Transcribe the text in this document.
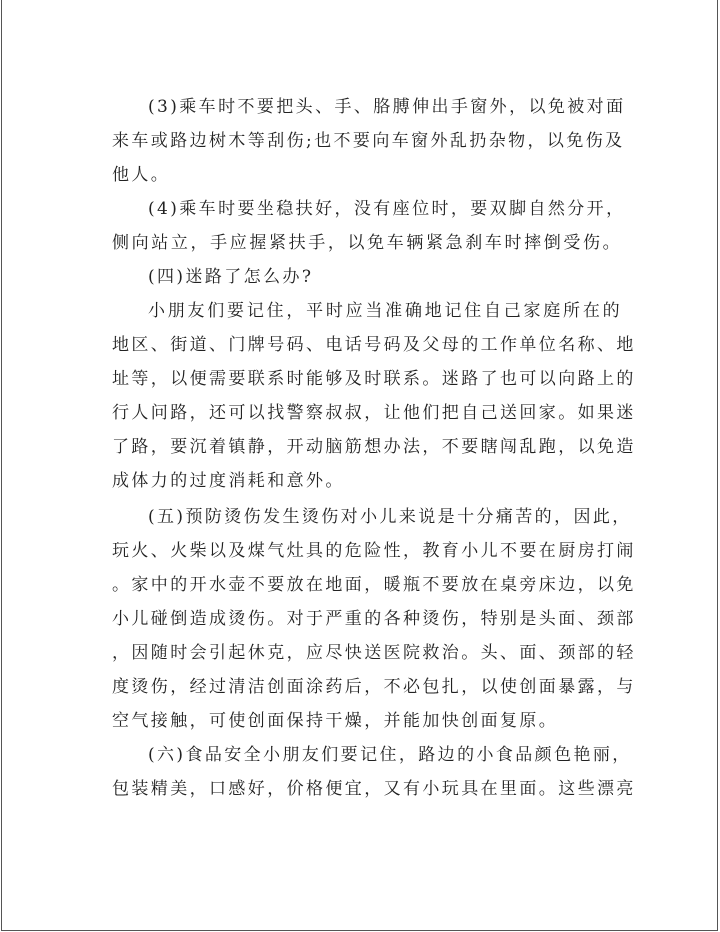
(3)乘车时不要把头、手、胳膊伸出手窗外，以免被对面
来车或路边树木等刮伤;也不要向车窗外乱扔杂物，以免伤及
他人。
(4)乘车时要坐稳扶好，没有座位时，要双脚自然分开，
侧向站立，手应握紧扶手，以免车辆紧急刹车时摔倒受伤。
(四)迷路了怎么办?
小朋友们要记住，平时应当准确地记住自己家庭所在的
地区、街道、门牌号码、电话号码及父母的工作单位名称、地
址等，以便需要联系时能够及时联系。迷路了也可以向路上的
行人问路，还可以找警察叔叔，让他们把自己送回家。如果迷
了路，要沉着镇静，开动脑筋想办法，不要瞎闯乱跑，以免造
成体力的过度消耗和意外。
(五)预防烫伤发生烫伤对小儿来说是十分痛苦的，因此，
玩火、火柴以及煤气灶具的危险性，教育小儿不要在厨房打闹
。家中的开水壶不要放在地面，暖瓶不要放在桌旁床边，以免
小儿碰倒造成烫伤。对于严重的各种烫伤，特别是头面、颈部
，因随时会引起休克，应尽快送医院救治。头、面、颈部的轻
度烫伤，经过清洁创面涂药后，不必包扎，以使创面暴露，与
空气接触，可使创面保持干燥，并能加快创面复原。
(六)食品安全小朋友们要记住，路边的小食品颜色艳丽，
包装精美，口感好，价格便宜，又有小玩具在里面。这些漂亮
